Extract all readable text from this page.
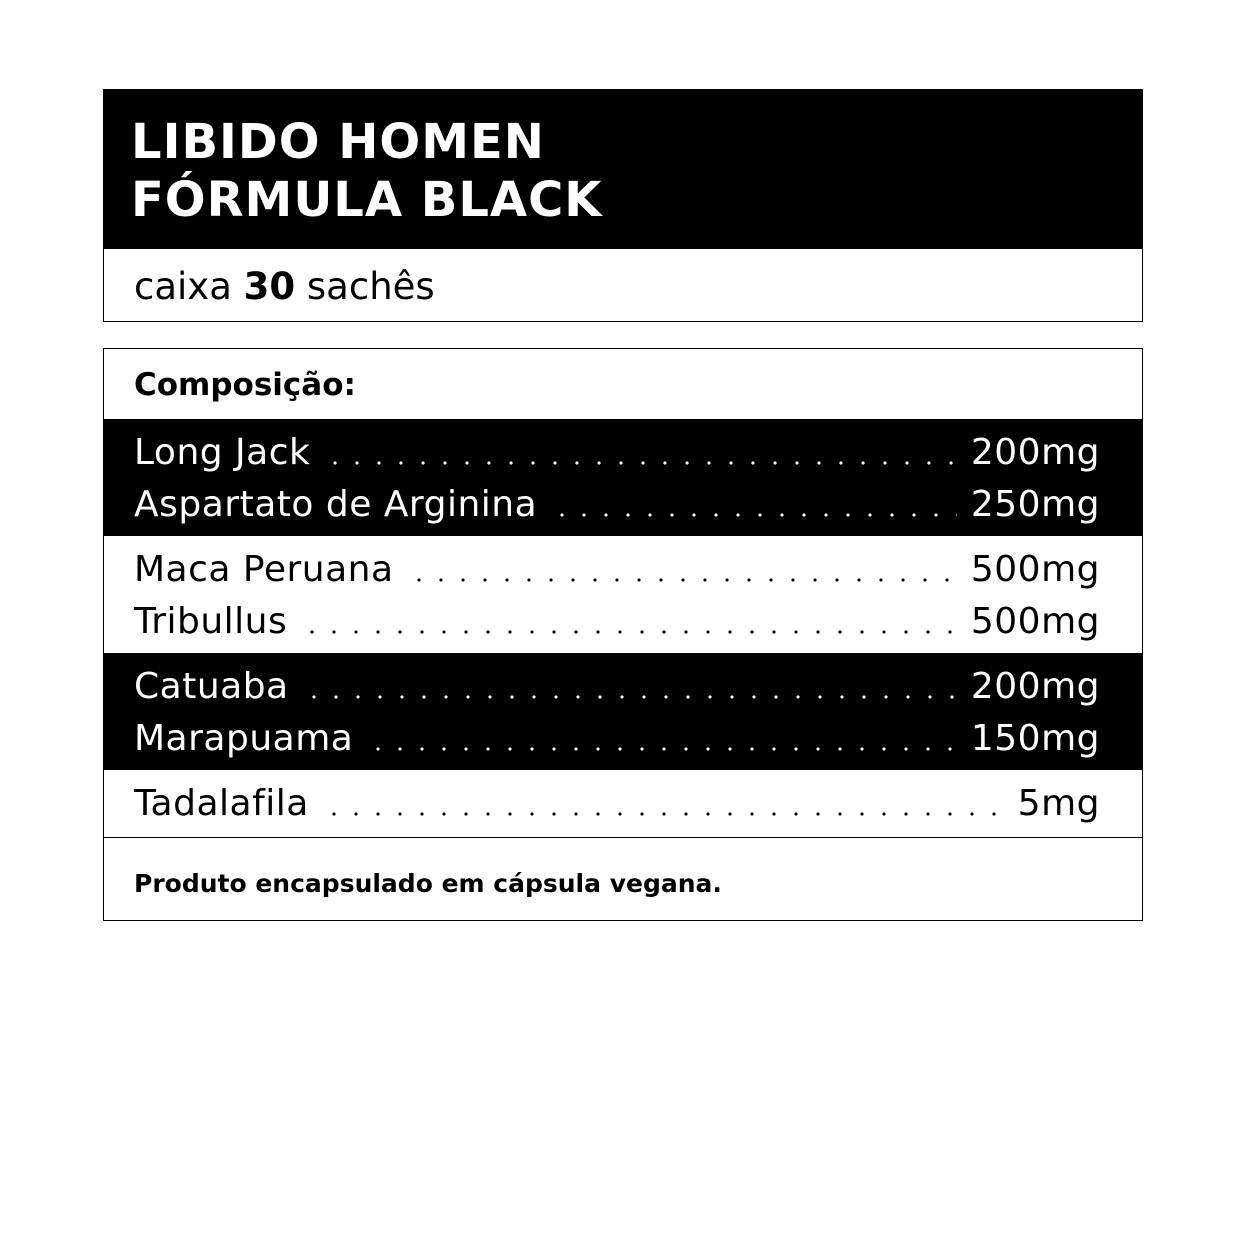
LIBIDO HOMEN
FÓRMULA BLACK
caixa 30 sachês
Composição:
Long Jack	200mg
Aspartato de Arginina	250mg
Maca Peruana	500mg
Tribullus	500mg
Catuaba	200mg
Marapuama	150mg
Tadalafila	5mg
Produto encapsulado em cápsula vegana.
